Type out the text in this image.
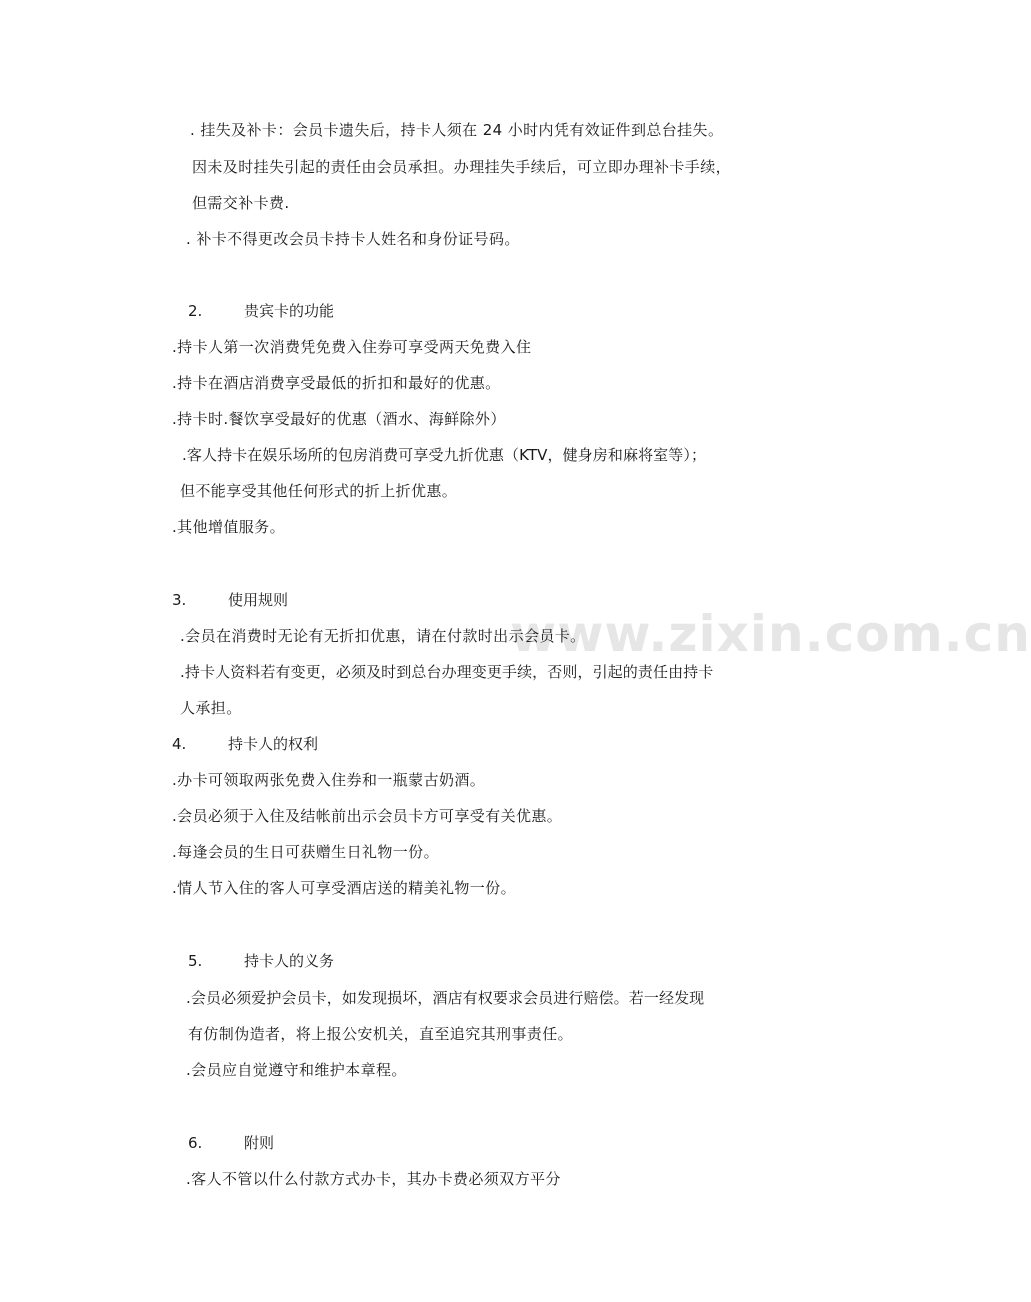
www.zixin.com.cn

. 挂失及补卡：会员卡遗失后，持卡人须在 24 小时内凭有效证件到总台挂失。

因未及时挂失引起的责任由会员承担。办理挂失手续后，可立即办理补卡手续，

但需交补卡费.

. 补卡不得更改会员卡持卡人姓名和身份证号码。

2.	贵宾卡的功能

.持卡人第一次消费凭免费入住券可享受两天免费入住

.持卡在酒店消费享受最低的折扣和最好的优惠。

.持卡时.餐饮享受最好的优惠（酒水、海鲜除外）

.客人持卡在娱乐场所的包房消费可享受九折优惠（KTV，健身房和麻将室等）；

但不能享受其他任何形式的折上折优惠。

.其他增值服务。

3.	使用规则

.会员在消费时无论有无折扣优惠，请在付款时出示会员卡。

.持卡人资料若有变更，必须及时到总台办理变更手续，否则，引起的责任由持卡

人承担。

4.	持卡人的权利

.办卡可领取两张免费入住券和一瓶蒙古奶酒。

.会员必须于入住及结帐前出示会员卡方可享受有关优惠。

.每逢会员的生日可获赠生日礼物一份。

.情人节入住的客人可享受酒店送的精美礼物一份。

5.	持卡人的义务

.会员必须爱护会员卡，如发现损坏，酒店有权要求会员进行赔偿。若一经发现

有仿制伪造者，将上报公安机关，直至追究其刑事责任。

.会员应自觉遵守和维护本章程。

6.	附则

.客人不管以什么付款方式办卡，其办卡费必须双方平分
